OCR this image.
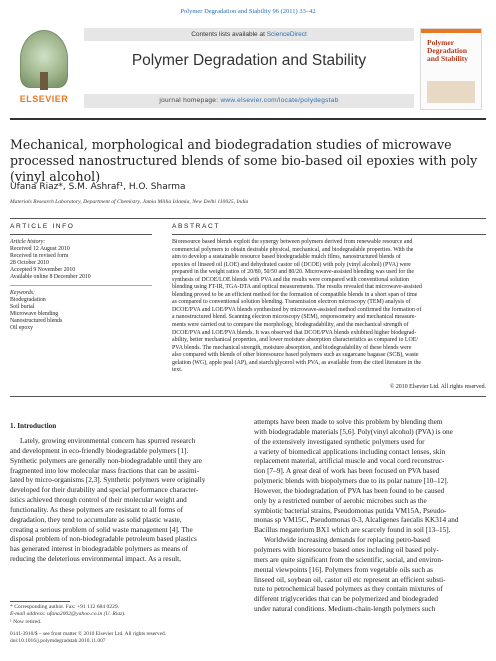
Polymer Degradation and Stability 96 (2011) 33–42
ELSEVIER
Contents lists available at ScienceDirect
Polymer Degradation and Stability
journal homepage: www.elsevier.com/locate/polydegstab
Polymer Degradation and Stability
Mechanical, morphological and biodegradation studies of microwave processed nanostructured blends of some bio-based oil epoxies with poly (vinyl alcohol)
Ufana Riaz*, S.M. Ashraf¹, H.O. Sharma
Materials Research Laboratory, Department of Chemistry, Jamia Millia Islamia, New Delhi 110025, India
ARTICLE INFO	ABSTRACT
Article history:
Received 12 August 2010
Received in revised form
28 October 2010
Accepted 9 November 2010
Available online 8 December 2010
Keywords:
Biodegradation
Soil burial
Microwave blending
Nanostructured blends
Oil epoxy
Bioresource based blends exploit the synergy between polymers derived from renewable resource and
commercial polymers to obtain desirable physical, mechanical, and biodegradable properties. With the
aim to develop a sustainable resource based biodegradable mulch films, nanostructured blends of
epoxies of linseed oil (LOE) and dehydrated castor oil (DCOE) with poly (vinyl alcohol) (PVA) were
prepared in the weight ratios of 20/80, 50/50 and 80/20. Microwave-assisted blending was used for the
synthesis of DCOE/LOE blends with PVA and the results were compared with conventional solution
blending using FT-IR, TGA-DTA and optical measurements. The results revealed that microwave-assisted
blending proved to be an efficient method for the formation of compatible blends in a short span of time
as compared to conventional solution blending. Transmission electron microscopy (TEM) analysis of
DCOE/PVA and LOE/PVA blends synthesized by microwave-assisted method confirmed the formation of
a nanostructured blend. Scanning electron microscopy (SEM), responsometry and mechanical measure-
ments were carried out to compare the morphology, biodegradability, and the mechanical strength of
DCOE/PVA and LOE/PVA blends. It was observed that DCOE/PVA blends exhibited higher biodegrad-
ability, better mechanical properties, and lower moisture absorption characteristics as compared to LOE/
PVA blends. The mechanical strength, moisture absorption, and biodegradability of these blends were
also compared with blends of other bioresource based polymers such as sugarcane bagasse (SCB), waste
gelation (WG), apple peal (AP), and starch/glycerol with PVA, as available from the cited literature in the
text.
© 2010 Elsevier Ltd. All rights reserved.
1. Introduction
Lately, growing environmental concern has spurred research
and development in eco-friendly biodegradable polymers [1].
Synthetic polymers are generally non-biodegradable until they are
fragmented into low molecular mass fractions that can be assimi-
lated by micro-organisms [2,3]. Synthetic polymers were originally
developed for their durability and special performance character-
istics achieved through control of their molecular weight and
functionality. As these polymers are resistant to all forms of
degradation, they tend to accumulate as solid plastic waste,
creating a serious problem of solid waste management [4]. The
disposal problem of non-biodegradable petroleum based plastics
has generated interest in biodegradable polymers as means of
reducing the deleterious environmental impact. As a result,
attempts have been made to solve this problem by blending them
with biodegradable materials [5,6]. Poly(vinyl alcohol) (PVA) is one
of the extensively investigated synthetic polymers used for
a variety of biomedical applications including contact lenses, skin
replacement material, artificial muscle and vocal cord reconstruc-
tion [7–9]. A great deal of work has been focused on PVA based
polymeric blends with biopolymers due to its polar nature [10–12].
However, the biodegradation of PVA has been found to be caused
only by a restricted number of aerobic microbes such as the
symbiotic bacterial strains, Pseudomonas putida VM15A, Pseudo-
monas sp VM15C, Pseudomonas 0-3, Alcaligenes faecalis KK314 and
Bacillus megaterium BX1 which are scarcely found in soil [13–15].
Worldwide increasing demands for replacing petro-based
polymers with bioresource based ones including oil based poly-
mers are quite significant from the scientific, social, and environ-
mental viewpoints [16]. Polymers from vegetable oils such as
linseed oil, soybean oil, castor oil etc represent an efficient substi-
tute to petrochemical based polymers as they contain mixtures of
different triglycerides that can be polymerized and biodegraded
under natural conditions. Medium-chain-length polymers such
* Corresponding author. Fax: +91 112 684 0229.
E-mail address: ufana2002@yahoo.co.in (U. Riaz).
¹ Now retired.
0141-3910/$ – see front matter © 2010 Elsevier Ltd. All rights reserved.
doi:10.1016/j.polymdegradstab.2010.11.007
